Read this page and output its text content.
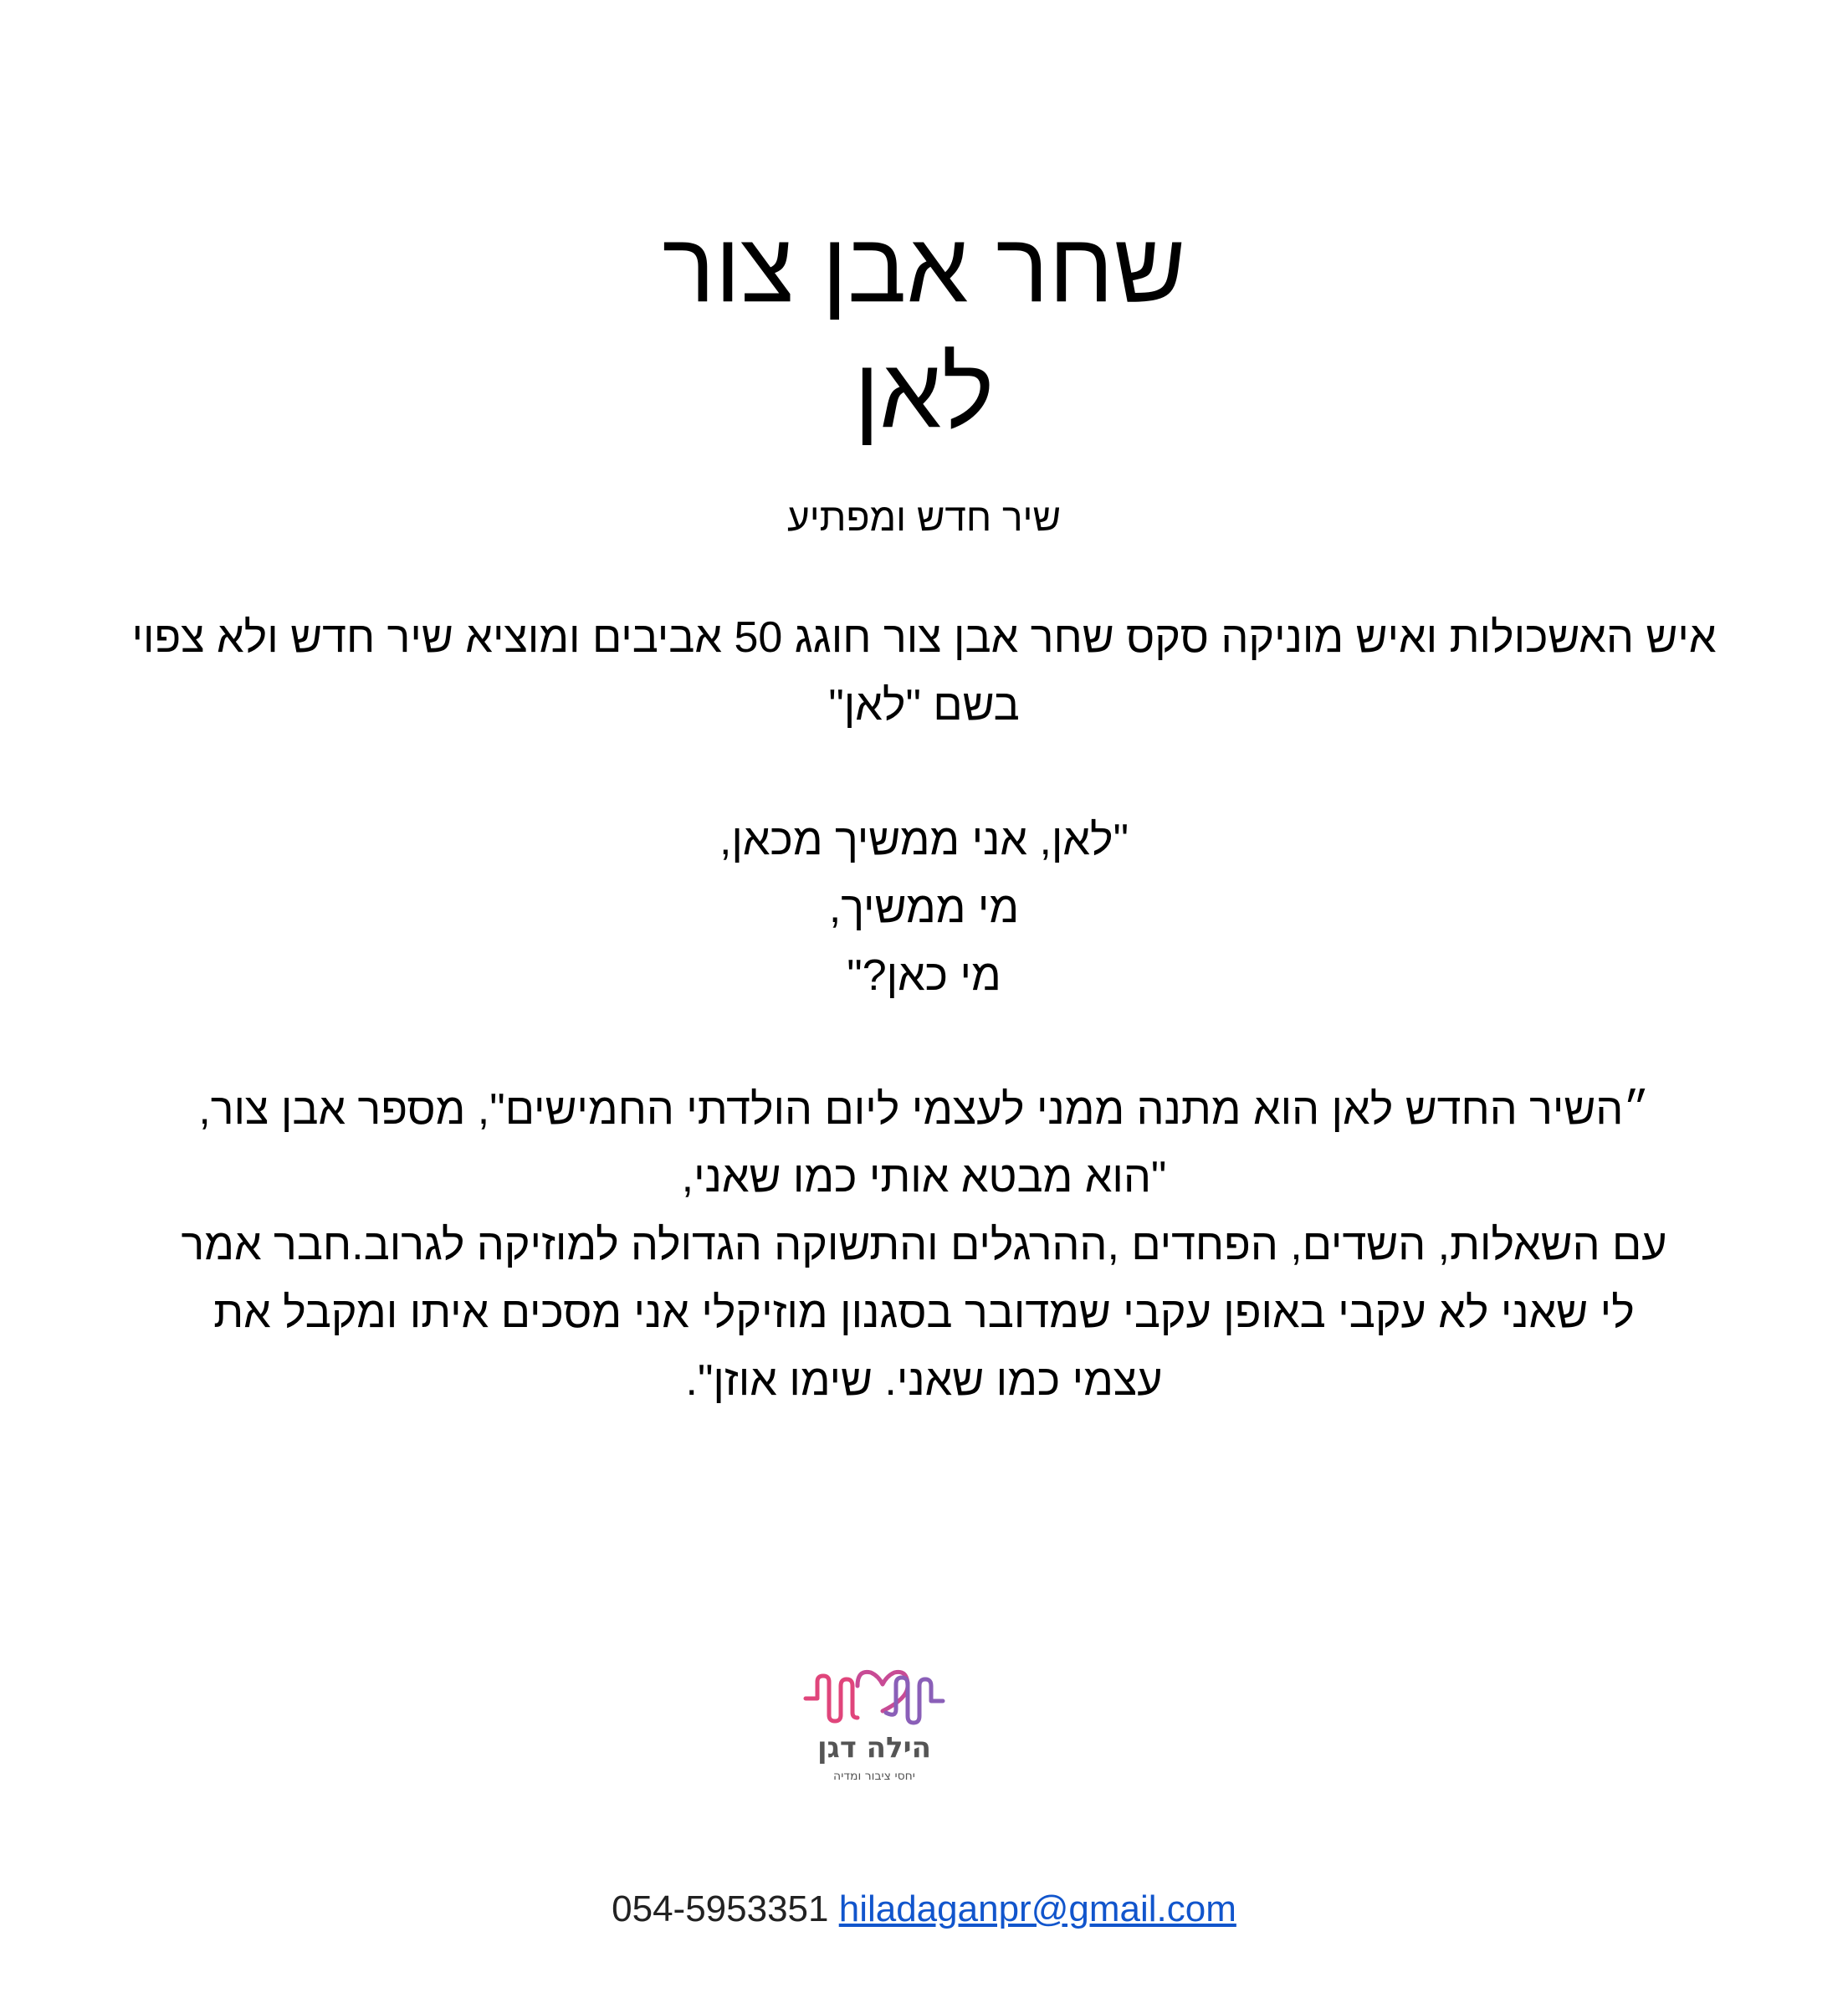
שחר אבן צור
לאן
שיר חדש ומפתיע
איש האשכולות ואיש מוניקה סקס שחר אבן צור חוגג 50 אביבים ומוציא שיר חדש ולא צפוי
בשם "לאן"
"לאן, אני ממשיך מכאן,
מי ממשיך,
מי כאן?"
״השיר החדש לאן הוא מתנה ממני לעצמי ליום הולדתי החמישים", מספר אבן צור,
"הוא מבטא אותי כמו שאני,
עם השאלות, השדים, הפחדים ,ההרגלים והתשוקה הגדולה למוזיקה לגרוב.חבר אמר
לי שאני לא עקבי באופן עקבי שמדובר בסגנון מוזיקלי אני מסכים איתו ומקבל את
עצמי כמו שאני. שימו אוזן".
הילה דגן
יחסי ציבור ומדיה
054-5953351 hiladaganpr@gmail.com
